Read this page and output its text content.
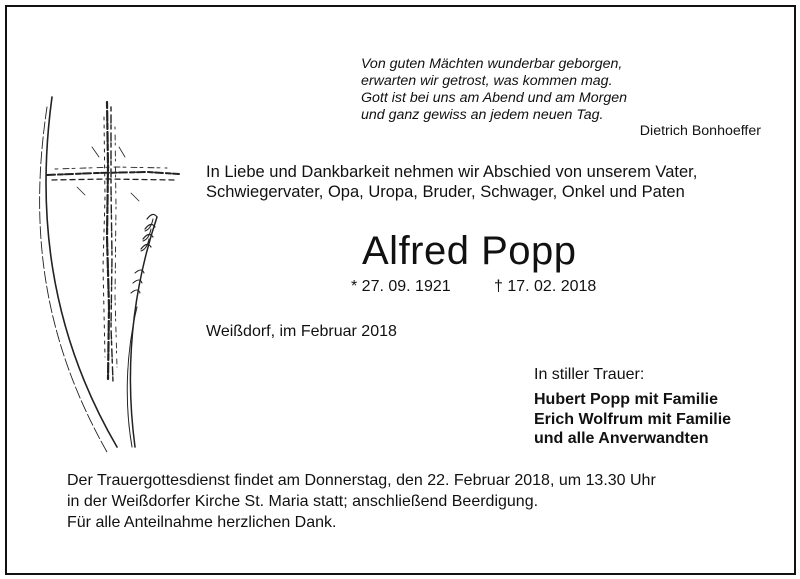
Von guten Mächten wunderbar geborgen,
erwarten wir getrost, was kommen mag.
Gott ist bei uns am Abend und am Morgen
und ganz gewiss an jedem neuen Tag.
Dietrich Bonhoeffer
In Liebe und Dankbarkeit nehmen wir Abschied von unserem Vater,
Schwiegervater, Opa, Uropa, Bruder, Schwager, Onkel und Paten
Alfred Popp
* 27. 09. 1921	† 17. 02. 2018
Weißdorf, im Februar 2018
In stiller Trauer:
Hubert Popp mit Familie
Erich Wolfrum mit Familie
und alle Anverwandten
Der Trauergottesdienst findet am Donnerstag, den 22. Februar 2018, um 13.30 Uhr
in der Weißdorfer Kirche St. Maria statt; anschließend Beerdigung.
Für alle Anteilnahme herzlichen Dank.
